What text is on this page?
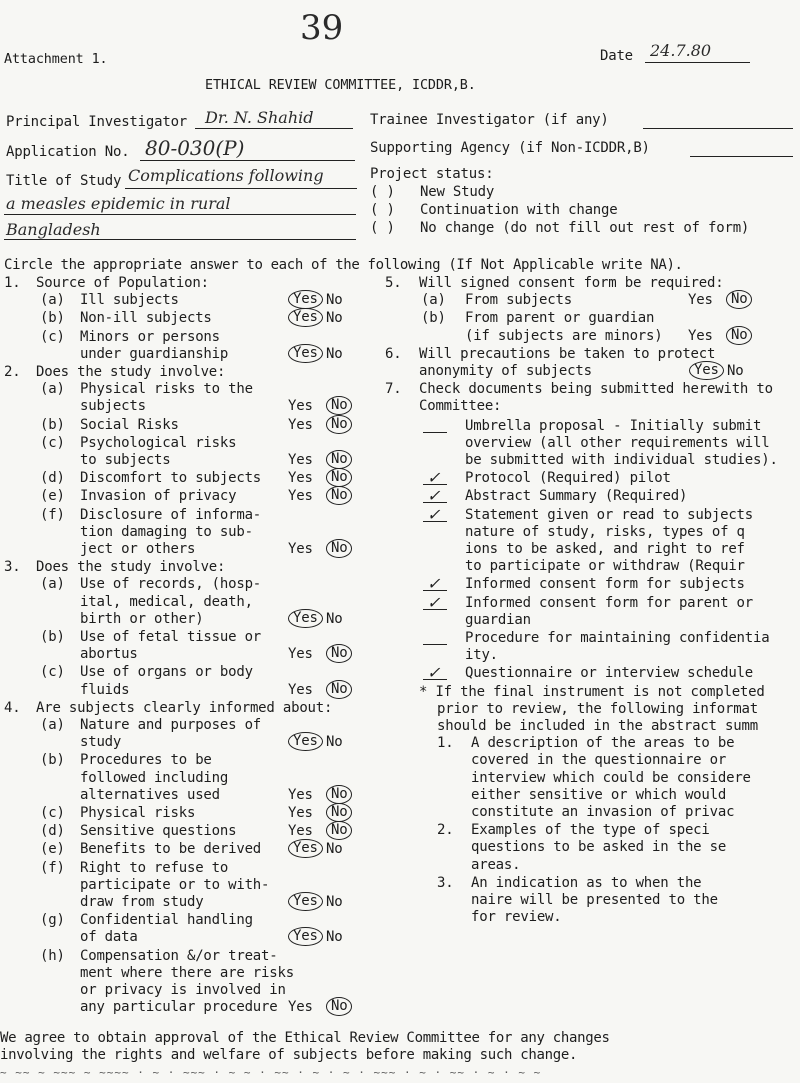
39
Attachment 1.	Date 24.7.80
ETHICAL REVIEW COMMITTEE, ICDDR,B.
Principal Investigator Dr. N. Shahid	Trainee Investigator (if any)
Application No. 80-030(P)	Supporting Agency (if Non-ICDDR,B)
Title of Study Complications following
a measles epidemic in rural
Bangladesh
Project status:
( ) New Study
( ) Continuation with change
( ) No change (do not fill out rest of form)
Circle the appropriate answer to each of the following (If Not Applicable write NA).
1. Source of Population:
(a) Ill subjects	Yes No
(b) Non-ill subjects	Yes No
(c) Minors or persons
under guardianship	Yes No
2. Does the study involve:
(a) Physical risks to the
subjects	Yes	No
(b) Social Risks	Yes	No
(c) Psychological risks
to subjects	Yes	No
(d) Discomfort to subjects Yes	No
(e) Invasion of privacy	Yes	No
(f) Disclosure of informa-
tion damaging to sub-
ject or others	Yes	No
3. Does the study involve:
(a) Use of records, (hosp-
ital, medical, death,
birth or other)	Yes No
(b) Use of fetal tissue or
abortus	Yes	No
(c) Use of organs or body
fluids	Yes	No
4. Are subjects clearly informed about:
(a) Nature and purposes of
study	Yes No
(b) Procedures to be
followed including
alternatives used	Yes	No
(c) Physical risks	Yes	No
(d) Sensitive questions	Yes	No
(e) Benefits to be derived	Yes No
(f) Right to refuse to
participate or to with-
draw from study	Yes No
(g) Confidential handling
of data	Yes No
(h) Compensation &/or treat-
ment where there are risks
or privacy is involved in
any particular procedure Yes	No
5. Will signed consent form be required:
(a) From subjects	Yes	No
(b) From parent or guardian
(if subjects are minors) Yes	No
6. Will precautions be taken to protect
anonymity of subjects	Yes No
7. Check documents being submitted herewith to
Committee:
Umbrella proposal - Initially submit
overview (all other requirements will
be submitted with individual studies).
✓ Protocol (Required) pilot
✓ Abstract Summary (Required)
✓ Statement given or read to subjects
nature of study, risks, types of q
ions to be asked, and right to ref
to participate or withdraw (Requir
✓ Informed consent form for subjects
✓ Informed consent form for parent or
guardian
Procedure for maintaining confidentia
ity.
✓ Questionnaire or interview schedule
* If the final instrument is not completed
prior to review, the following informat
should be included in the abstract summ
1. A description of the areas to be
covered in the questionnaire or
interview which could be considere
either sensitive or which would
constitute an invasion of privac
2. Examples of the type of speci
questions to be asked in the se
areas.
3. An indication as to when the
naire will be presented to the
for review.
We agree to obtain approval of the Ethical Review Committee for any changes
involving the rights and welfare of subjects before making such change.
~ ~~ ~ ~~~ ~ ~~~~ · ~ · ~~~ · ~ ~ · ~~ · ~ · ~ · ~~~ · ~ · ~~ · ~ · ~ ~
